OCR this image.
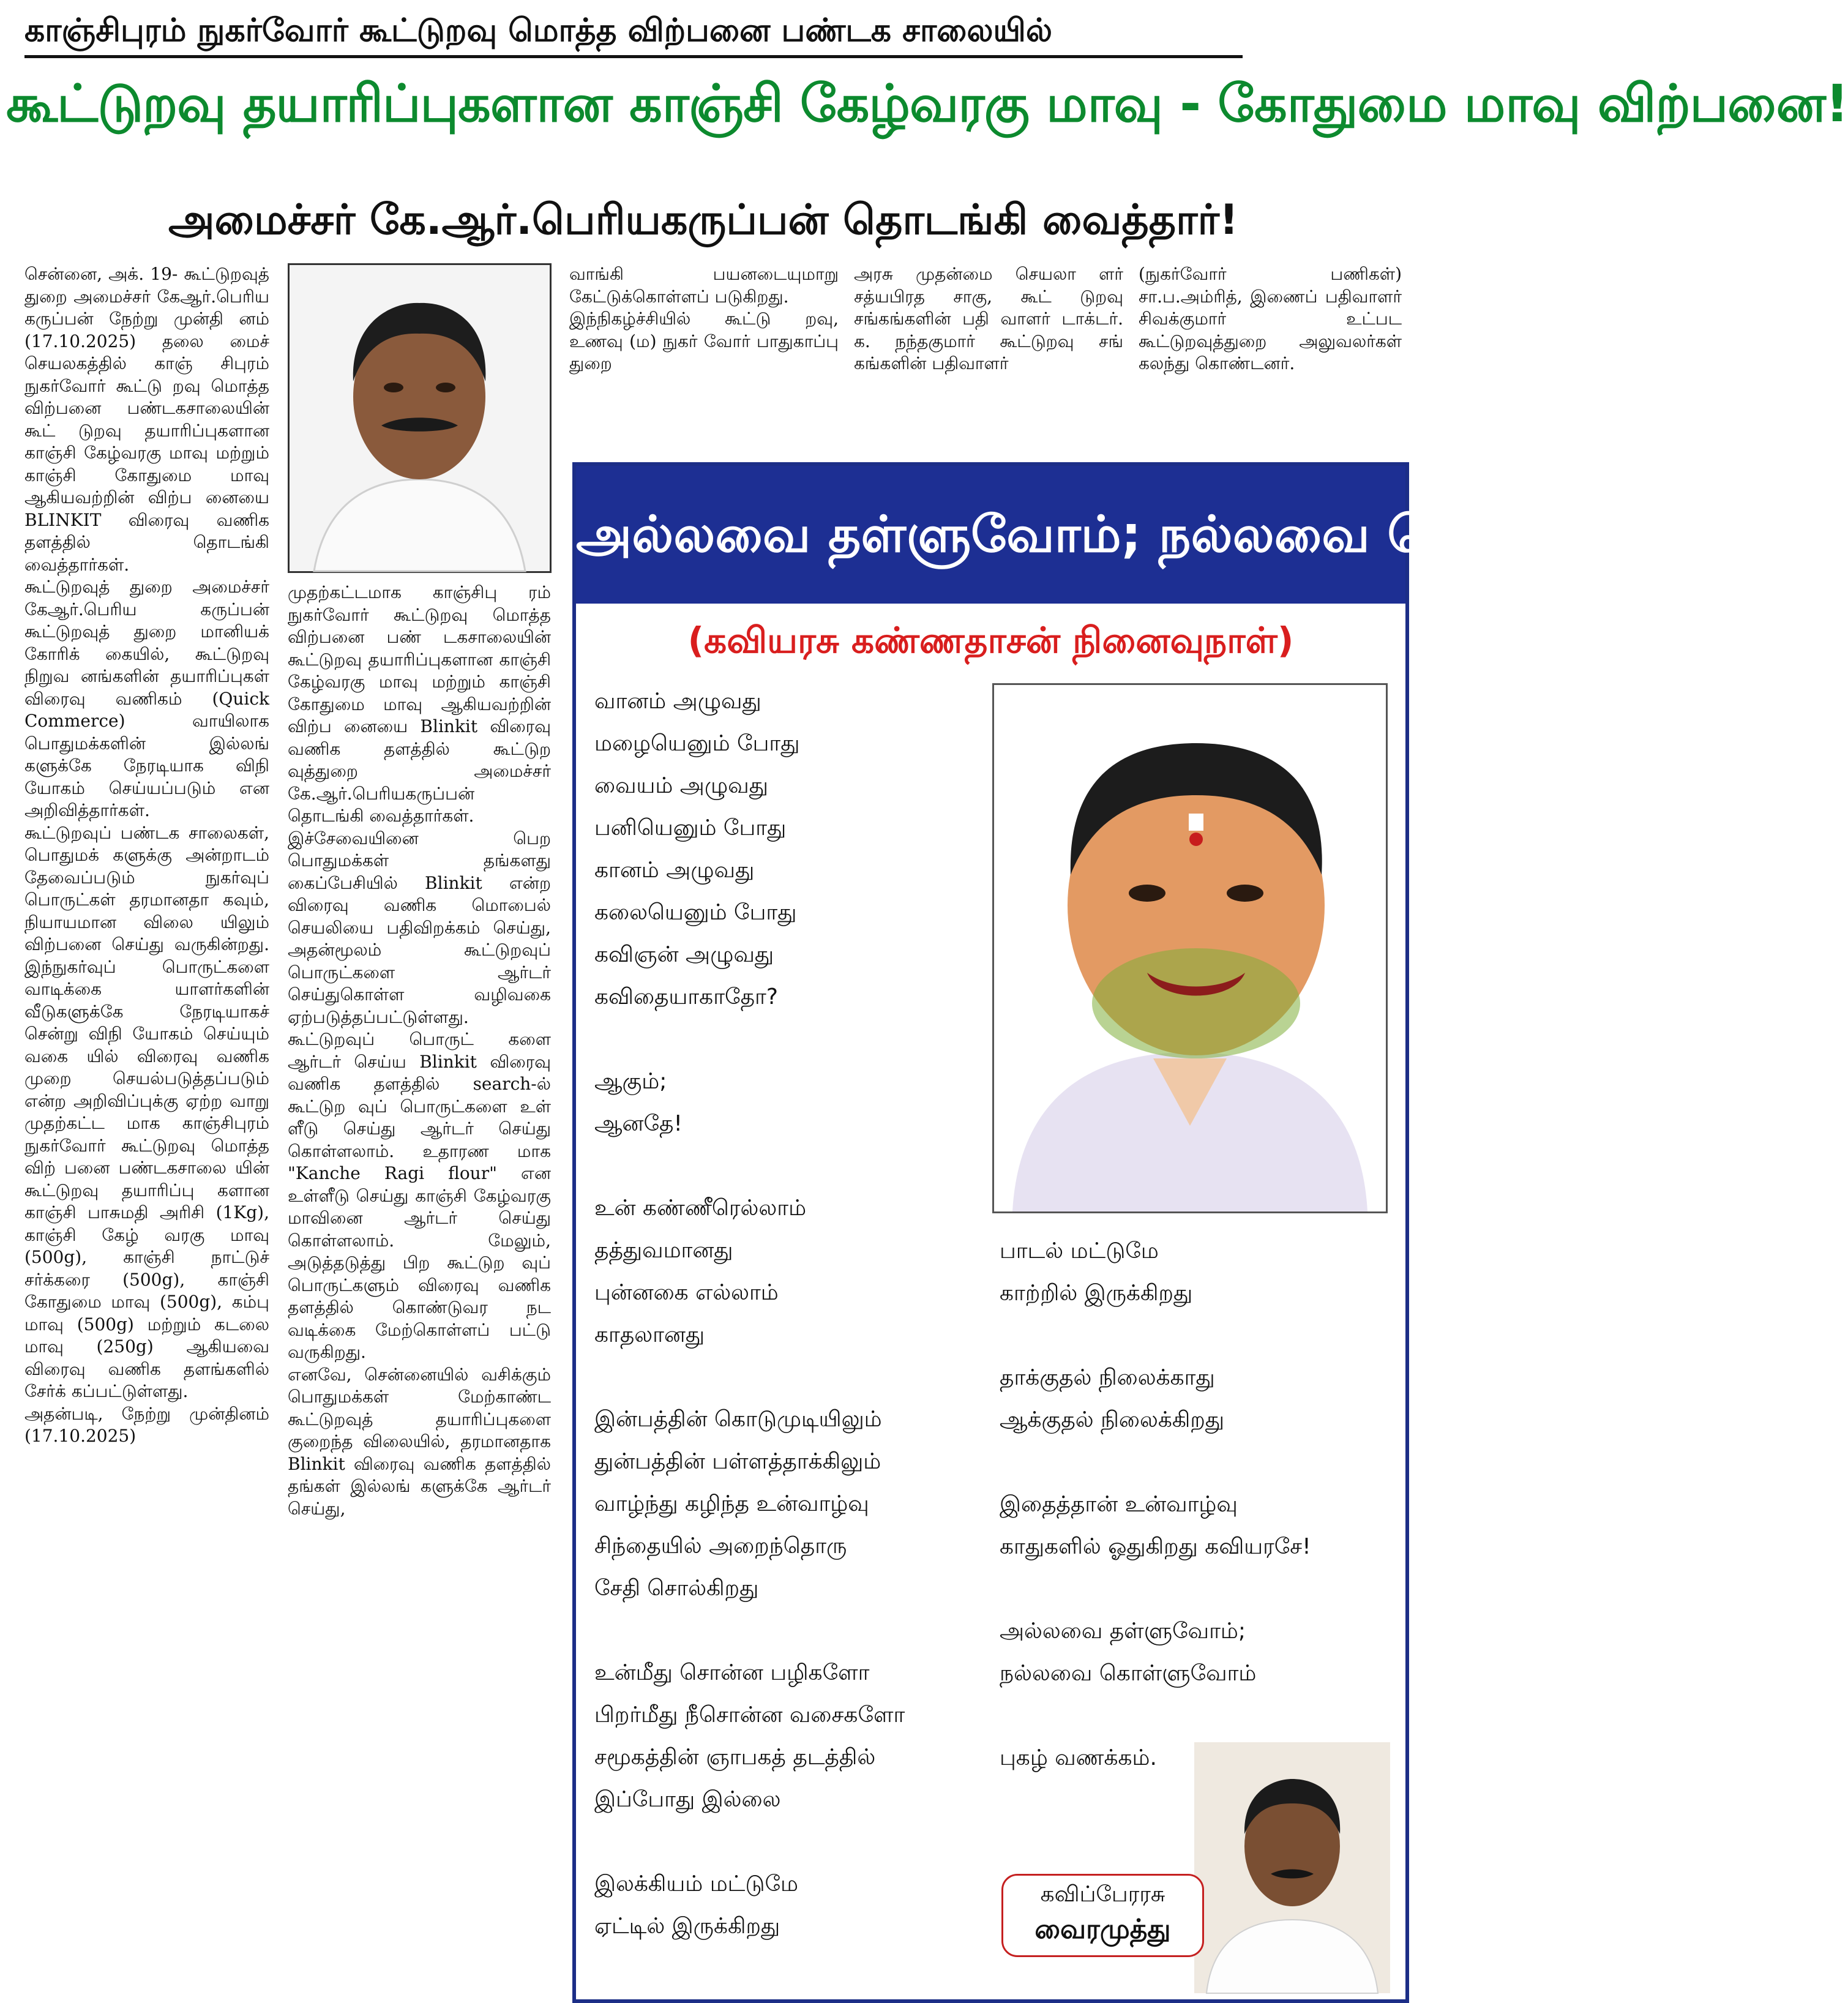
காஞ்சிபுரம் நுகர்வோர் கூட்டுறவு மொத்த விற்பனை பண்டக சாலையில்
கூட்டுறவு தயாரிப்புகளான காஞ்சி கேழ்வரகு மாவு - கோதுமை மாவு விற்பனை!
அமைச்சர் கே.ஆர்.பெரியகருப்பன் தொடங்கி வைத்தார்!

சென்னை, அக். 19- கூட்டுறவுத் துறை அமைச்சர் கேஆர்.பெரிய கருப்பன் நேற்று முன்தி னம் (17.10.2025) தலை மைச் செயலகத்தில் காஞ் சிபுரம் நுகர்வோர் கூட்டு றவு மொத்த விற்பனை பண்டகசாலையின் கூட் டுறவு தயாரிப்புகளான காஞ்சி கேழ்வரகு மாவு மற்றும் காஞ்சி கோதுமை மாவு ஆகியவற்றின் விற்ப னையை BLINKIT விரைவு வணிக தளத்தில் தொடங்கி வைத்தார்கள்.

கூட்டுறவுத் துறை அமைச்சர் கேஆர்.பெரிய கருப்பன் கூட்டுறவுத் துறை மானியக் கோரிக் கையில், கூட்டுறவு நிறுவ னங்களின் தயாரிப்புகள் விரைவு வணிகம் (Quick Commerce) வாயிலாக பொதுமக்களின் இல்லங் களுக்கே நேரடியாக விநி யோகம் செய்யப்படும் என அறிவித்தார்கள்.

கூட்டுறவுப் பண்டக சாலைகள், பொதுமக் களுக்கு அன்றாடம் தேவைப்படும் நுகர்வுப் பொருட்கள் தரமானதா கவும், நியாயமான விலை யிலும் விற்பனை செய்து வருகின்றது. இந்நுகர்வுப் பொருட்களை வாடிக்கை யாளர்களின் வீடுகளுக்கே நேரடியாகச் சென்று விநி யோகம் செய்யும் வகை யில் விரைவு வணிக முறை செயல்படுத்தப்படும் என்ற அறிவிப்புக்கு ஏற்ற வாறு முதற்கட்ட மாக காஞ்சிபுரம் நுகர்வோர் கூட்டுறவு மொத்த விற் பனை பண்டகசாலை யின் கூட்டுறவு தயாரிப்பு களான காஞ்சி பாசுமதி அரிசி (1Kg), காஞ்சி கேழ் வரகு மாவு (500g), காஞ்சி நாட்டுச் சர்க்கரை (500g), காஞ்சி கோதுமை மாவு (500g), கம்பு மாவு (500g) மற்றும் கடலை மாவு (250g) ஆகியவை விரைவு வணிக தளங்களில் சேர்க் கப்பட்டுள்ளது.

அதன்படி, நேற்று முன்தினம் (17.10.2025)

முதற்கட்டமாக காஞ்சிபு ரம் நுகர்வோர் கூட்டுறவு மொத்த விற்பனை பண் டகசாலையின் கூட்டுறவு தயாரிப்புகளான காஞ்சி கேழ்வரகு மாவு மற்றும் காஞ்சி கோதுமை மாவு ஆகியவற்றின் விற்ப னையை Blinkit விரைவு வணிக தளத்தில் கூட்டுற வுத்துறை அமைச்சர் கே.ஆர்.பெரியகருப்பன் தொடங்கி வைத்தார்கள்.

இச்சேவையினை பெற பொதுமக்கள் தங்களது கைப்பேசியில் Blinkit என்ற விரைவு வணிக மொபைல் செயலியை பதிவிறக்கம் செய்து, அதன்மூலம் கூட்டுறவுப் பொருட்களை ஆர்டர் செய்துகொள்ள வழிவகை ஏற்படுத்தப்பட்டுள்ளது. கூட்டுறவுப் பொருட் களை ஆர்டர் செய்ய Blinkit விரைவு வணிக தளத்தில் search-ல் கூட்டுற வுப் பொருட்களை உள் ளீடு செய்து ஆர்டர் செய்து கொள்ளலாம். உதாரண மாக "Kanche Ragi flour" என உள்ளீடு செய்து காஞ்சி கேழ்வரகு மாவினை ஆர்டர் செய்து கொள்ளலாம். மேலும், அடுத்தடுத்து பிற கூட்டுற வுப் பொருட்களும் விரைவு வணிக தளத்தில் கொண்டுவர நட வடிக்கை மேற்கொள்ளப் பட்டு வருகிறது.

எனவே, சென்னையில் வசிக்கும் பொதுமக்கள் மேற்காண்ட கூட்டுறவுத் தயாரிப்புகளை குறைந்த விலையில், தரமானதாக Blinkit விரைவு வணிக தளத்தில் தங்கள் இல்லங் களுக்கே ஆர்டர் செய்து,

வாங்கி பயனடையுமாறு கேட்டுக்கொள்ளப் படுகிறது.

இந்நிகழ்ச்சியில் கூட்டு றவு, உணவு (ம) நுகர் வோர் பாதுகாப்பு துறை

அரசு முதன்மை செயலா ளர் சத்யபிரத சாகு, கூட் டுறவு சங்கங்களின் பதி வாளர் டாக்டர். க. நந்தகுமார் கூட்டுறவு சங் கங்களின் பதிவாளர்

(நுகர்வோர் பணிகள்) சா.ப.அம்ரித், இணைப் பதிவாளர் சிவக்குமார் உட்பட கூட்டுறவுத்துறை அலுவலர்கள் கலந்து கொண்டனர்.

அல்லவை தள்ளுவோம்; நல்லவை கொள்ளுவோம்!
(கவியரசு கண்ணதாசன் நினைவுநாள்)
வானம் அழுவது
மழையெனும் போது
வையம் அழுவது
பனியெனும் போது
கானம் அழுவது
கலையெனும் போது
கவிஞன் அழுவது
கவிதையாகாதோ?
ஆகும்;
ஆனதே!
உன் கண்ணீரெல்லாம்
தத்துவமானது
புன்னகை எல்லாம்
காதலானது
இன்பத்தின் கொடுமுடியிலும்
துன்பத்தின் பள்ளத்தாக்கிலும்
வாழ்ந்து கழிந்த உன்வாழ்வு
சிந்தையில் அறைந்தொரு
சேதி சொல்கிறது
உன்மீது சொன்ன பழிகளோ
பிறர்மீது நீசொன்ன வசைகளோ
சமூகத்தின் ஞாபகத் தடத்தில்
இப்போது இல்லை
இலக்கியம் மட்டுமே
ஏட்டில் இருக்கிறது
பாடல் மட்டுமே
காற்றில் இருக்கிறது
தாக்குதல் நிலைக்காது
ஆக்குதல் நிலைக்கிறது
இதைத்தான் உன்வாழ்வு
காதுகளில் ஓதுகிறது கவியரசே!
அல்லவை தள்ளுவோம்;
நல்லவை கொள்ளுவோம்
புகழ் வணக்கம்.
கவிப்பேரரசு
வைரமுத்து
